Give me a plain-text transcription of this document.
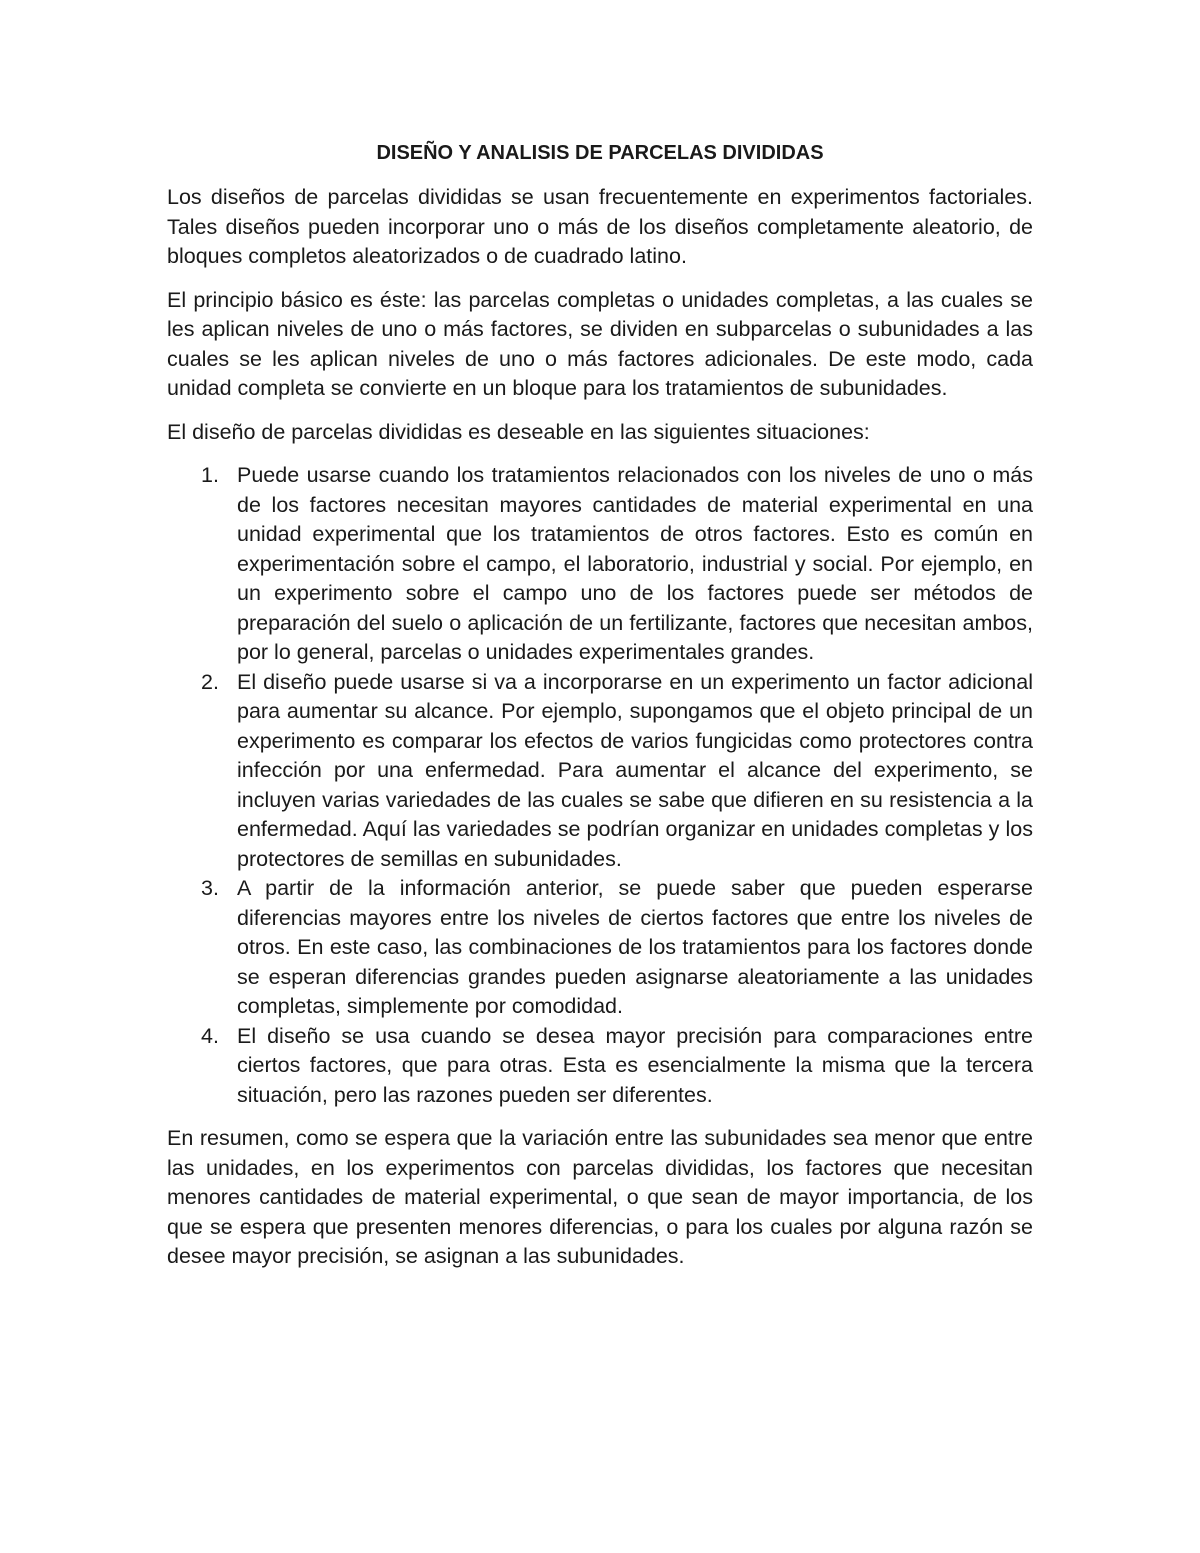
DISEÑO Y ANALISIS DE PARCELAS DIVIDIDAS

Los diseños de parcelas divididas se usan frecuentemente en experimentos factoriales. Tales diseños pueden incorporar uno o más de los diseños completamente aleatorio, de bloques completos aleatorizados o de cuadrado latino.

El principio básico es éste: las parcelas completas o unidades completas, a las cuales se les aplican niveles de uno o más factores, se dividen en subparcelas o subunidades a las cuales se les aplican niveles de uno o más factores adicionales. De este modo, cada unidad completa se convierte en un bloque para los tratamientos de subunidades.

El diseño de parcelas divididas es deseable en las siguientes situaciones:

1. Puede usarse cuando los tratamientos relacionados con los niveles de uno o más de los factores necesitan mayores cantidades de material experimental en una unidad experimental que los tratamientos de otros factores. Esto es común en experimentación sobre el campo, el laboratorio, industrial y social. Por ejemplo, en un experimento sobre el campo uno de los factores puede ser métodos de preparación del suelo o aplicación de un fertilizante, factores que necesitan ambos, por lo general, parcelas o unidades experimentales grandes.
2. El diseño puede usarse si va a incorporarse en un experimento un factor adicional para aumentar su alcance. Por ejemplo, supongamos que el objeto principal de un experimento es comparar los efectos de varios fungicidas como protectores contra infección por una enfermedad. Para aumentar el alcance del experimento, se incluyen varias variedades de las cuales se sabe que difieren en su resistencia a la enfermedad. Aquí las variedades se podrían organizar en unidades completas y los protectores de semillas en subunidades.
3. A partir de la información anterior, se puede saber que pueden esperarse diferencias mayores entre los niveles de ciertos factores que entre los niveles de otros. En este caso, las combinaciones de los tratamientos para los factores donde se esperan diferencias grandes pueden asignarse aleatoriamente a las unidades completas, simplemente por comodidad.
4. El diseño se usa cuando se desea mayor precisión para comparaciones entre ciertos factores, que para otras. Esta es esencialmente la misma que la tercera situación, pero las razones pueden ser diferentes.

En resumen, como se espera que la variación entre las subunidades sea menor que entre las unidades, en los experimentos con parcelas divididas, los factores que necesitan menores cantidades de material experimental, o que sean de mayor importancia, de los que se espera que presenten menores diferencias, o para los cuales por alguna razón se desee mayor precisión, se asignan a las subunidades.
